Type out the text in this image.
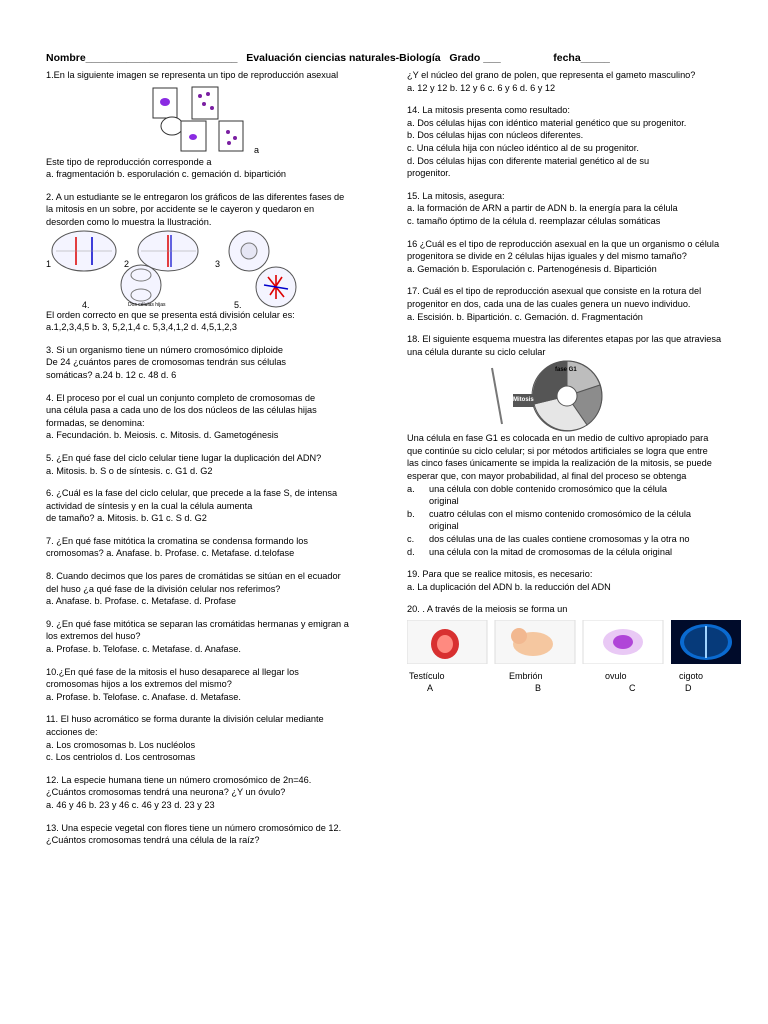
Nombre__________________________ Evaluación ciencias naturales-Biología Grado ___	fecha_____

1.En la siguiente imagen se representa un tipo de reproducción asexual

a

Este tipo de reproducción corresponde a

a. fragmentación b. esporulación c. gemación d. bipartición

2. A un estudiante se le entregaron los gráficos de las diferentes fases de la mitosis en un sobre, por accidente se le cayeron y quedaron en desorden como lo muestra la Ilustración.

1	2	3
4.	Dos células hijas	5.

El orden correcto en que se presenta está división celular es:

a.1,2,3,4,5 b. 3, 5,2,1,4 c. 5,3,4,1,2 d. 4,5,1,2,3

3. Si un organismo tiene un número cromosómico diploide

De 24 ¿cuántos pares de cromosomas tendrán sus células

somáticas? a.24 b. 12 c. 48 d. 6

4. El proceso por el cual un conjunto completo de cromosomas de una célula pasa a cada uno de los dos núcleos de las células hijas formadas, se denomina:

a. Fecundación. b. Meiosis. c. Mitosis. d. Gametogénesis

5. ¿En qué fase del ciclo celular tiene lugar la duplicación del ADN?

a. Mitosis. b. S o de síntesis. c. G1 d. G2

6. ¿Cuál es la fase del ciclo celular, que precede a la fase S, de intensa actividad de síntesis y en la cual la célula aumenta

de tamaño? a. Mitosis. b. G1 c. S d. G2

7. ¿En qué fase mitótica la cromatina se condensa formando los

cromosomas? a. Anafase. b. Profase. c. Metafase. d.telofase

8. Cuando decimos que los pares de cromátidas se sitúan en el ecuador del huso ¿a qué fase de la división celular nos referimos?

a. Anafase. b. Profase. c. Metafase. d. Profase

9. ¿En qué fase mitótica se separan las cromátidas hermanas y emigran a los extremos del huso?

a. Profase. b. Telofase. c. Metafase. d. Anafase.

10.¿En qué fase de la mitosis el huso desaparece al llegar los cromosomas hijos a los extremos del mismo?

a. Profase. b. Telofase. c. Anafase. d. Metafase.

11. El huso acromático se forma durante la división celular mediante acciones de:

a. Los cromosomas b. Los nucléolos

c. Los centriolos d. Los centrosomas

12. La especie humana tiene un número cromosómico de 2n=46. ¿Cuántos cromosomas tendrá una neurona? ¿Y un óvulo?

a. 46 y 46 b. 23 y 46 c. 46 y 23 d. 23 y 23

13. Una especie vegetal con flores tiene un número cromosómico de 12. ¿Cuántos cromosomas tendrá una célula de la raíz?

¿Y el núcleo del grano de polen, que representa el gameto masculino?

a. 12 y 12 b. 12 y 6 c. 6 y 6 d. 6 y 12

14. La mitosis presenta como resultado:

a. Dos células hijas con idéntico material genético que su progenitor.

b. Dos células hijas con núcleos diferentes.

c. Una célula hija con núcleo idéntico al de su progenitor.

d. Dos células hijas con diferente material genético al de su progenitor.

15. La mitosis, asegura:

a. la formación de ARN a partir de ADN b. la energía para la célula

c. tamaño óptimo de la célula d. reemplazar células somáticas

16 ¿Cuál es el tipo de reproducción asexual en la que un organismo o célula progenitora se divide en 2 células hijas iguales y del mismo tamaño?

a. Gemación b. Esporulación c. Partenogénesis d. Bipartición

17. Cuál es el tipo de reproducción asexual que consiste en la rotura del progenitor en dos, cada una de las cuales genera un nuevo individuo.

a. Escisión. b. Bipartición. c. Gemación. d. Fragmentación

18. El siguiente esquema muestra las diferentes etapas por las que atraviesa una célula durante su ciclo celular

fase G1
Mitosis

Una célula en fase G1 es colocada en un medio de cultivo apropiado para que continúe su ciclo celular; si por métodos artificiales se logra que entre las cinco fases únicamente se impida la realización de la mitosis, se puede esperar que, con mayor probabilidad, al final del proceso se obtenga

a.	una célula con doble contenido cromosómico que la célula original
b.	cuatro células con el mismo contenido cromosómico de la célula original
c.	dos células una de las cuales contiene cromosomas y la otra no
d.	una célula con la mitad de cromosomas de la célula original

19. Para que se realice mitosis, es necesario:

a. La duplicación del ADN b. la reducción del ADN

20. . A través de la meiosis se forma un

Testículo	Embrión	ovulo	cigoto
A	B	C	D
